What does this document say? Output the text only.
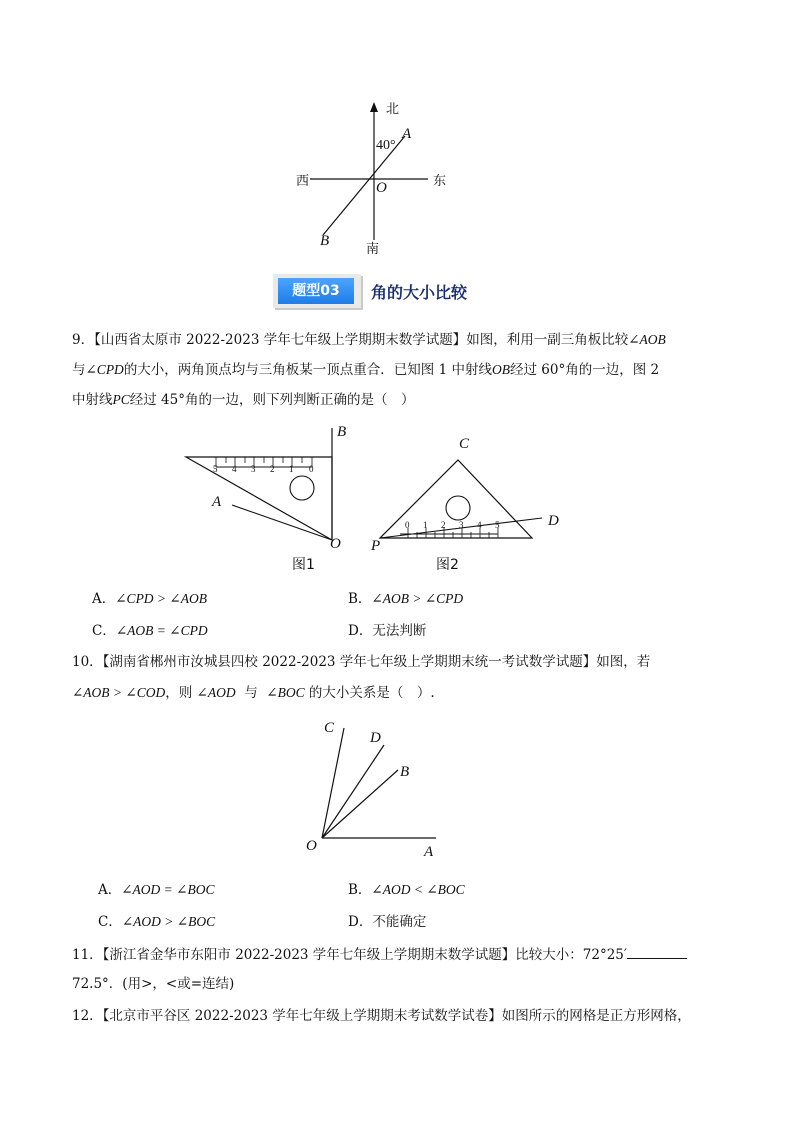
北
东
西
南
O
A
B
40°
题型03	角的大小比较
9．【山西省太原市 2022-2023 学年七年级上学期期末数学试题】如图，利用一副三角板比较∠AOB
与∠CPD的大小，两角顶点均与三角板某一顶点重合．已知图 1 中射线OB经过 60°角的一边，图 2
中射线PC经过 45°角的一边，则下列判断正确的是（　）
5 4 3 2 1 0
B
A
O
图1
0 1 2 3 4 5
C
D
P
图2
A．∠CPD > ∠AOB	B．∠AOB > ∠CPD
C．∠AOB = ∠CPD	D．无法判断
10．【湖南省郴州市汝城县四校 2022-2023 学年七年级上学期期末统一考试数学试题】如图，若
∠AOB > ∠COD，则 ∠AOD 与 ∠BOC 的大小关系是（　）.
C
D
B
O	A
A．∠AOD = ∠BOC	B．∠AOD < ∠BOC
C．∠AOD > ∠BOC	D．不能确定
11．【浙江省金华市东阳市 2022-2023 学年七年级上学期期末数学试题】比较大小：72°25′
72.5°．(用>，<或=连结)
12．【北京市平谷区 2022-2023 学年七年级上学期期末考试数学试卷】如图所示的网格是正方形网格，
